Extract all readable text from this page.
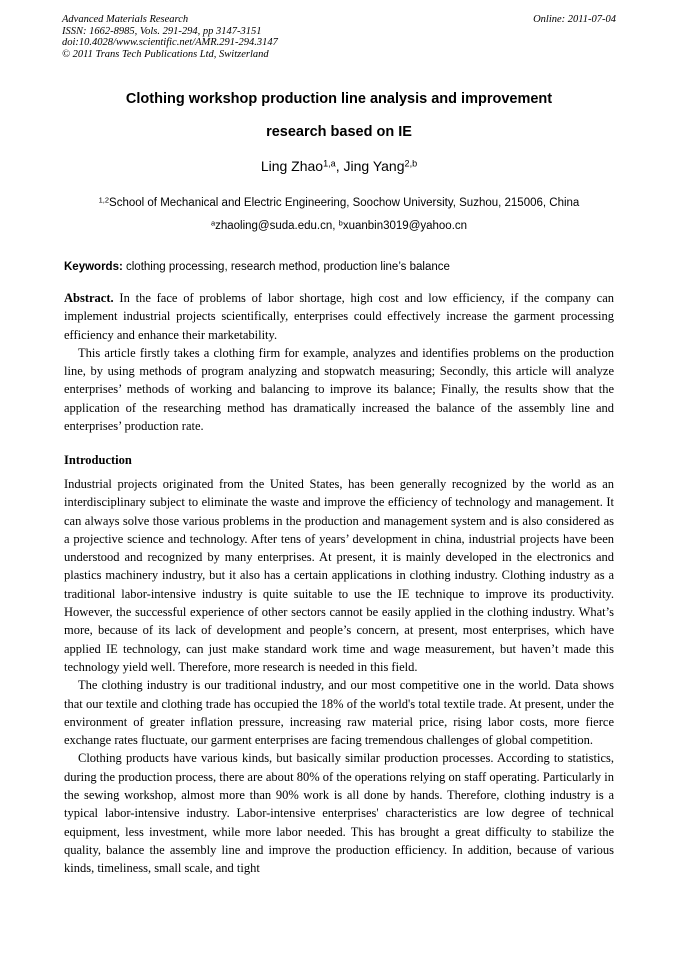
Advanced Materials Research
ISSN: 1662-8985, Vols. 291-294, pp 3147-3151
doi:10.4028/www.scientific.net/AMR.291-294.3147
© 2011 Trans Tech Publications Ltd, Switzerland
Online: 2011-07-04
Clothing workshop production line analysis and improvement
research based on IE
Ling Zhao$^{1,a}$, Jing Yang$^{2,b}$
$^{1,2}$School of Mechanical and Electric Engineering, Soochow University, Suzhou, 215006, China
$^a$zhaoling@suda.edu.cn, $^b$xuanbin3019@yahoo.cn
Keywords: clothing processing, research method, production line’s balance

Abstract. In the face of problems of labor shortage, high cost and low efficiency, if the company can implement industrial projects scientifically, enterprises could effectively increase the garment processing efficiency and enhance their marketability.

This article firstly takes a clothing firm for example, analyzes and identifies problems on the production line, by using methods of program analyzing and stopwatch measuring; Secondly, this article will analyze enterprises’ methods of working and balancing to improve its balance; Finally, the results show that the application of the researching method has dramatically increased the balance of the assembly line and enterprises’ production rate.

Introduction

Industrial projects originated from the United States, has been generally recognized by the world as an interdisciplinary subject to eliminate the waste and improve the efficiency of technology and management. It can always solve those various problems in the production and management system and is also considered as a projective science and technology. After tens of years’ development in china, industrial projects have been understood and recognized by many enterprises. At present, it is mainly developed in the electronics and plastics machinery industry, but it also has a certain applications in clothing industry. Clothing industry as a traditional labor-intensive industry is quite suitable to use the IE technique to improve its productivity. However, the successful experience of other sectors cannot be easily applied in the clothing industry. What’s more, because of its lack of development and people’s concern, at present, most enterprises, which have applied IE technology, can just make standard work time and wage measurement, but haven’t made this technology yield well. Therefore, more research is needed in this field.

The clothing industry is our traditional industry, and our most competitive one in the world. Data shows that our textile and clothing trade has occupied the 18% of the world's total textile trade. At present, under the environment of greater inflation pressure, increasing raw material price, rising labor costs, more fierce exchange rates fluctuate, our garment enterprises are facing tremendous challenges of global competition.

Clothing products have various kinds, but basically similar production processes. According to statistics, during the production process, there are about 80% of the operations relying on staff operating. Particularly in the sewing workshop, almost more than 90% work is all done by hands. Therefore, clothing industry is a typical labor-intensive industry. Labor-intensive enterprises' characteristics are low degree of technical equipment, less investment, while more labor needed. This has brought a great difficulty to stabilize the quality, balance the assembly line and improve the production efficiency. In addition, because of various kinds, timeliness, small scale, and tight
